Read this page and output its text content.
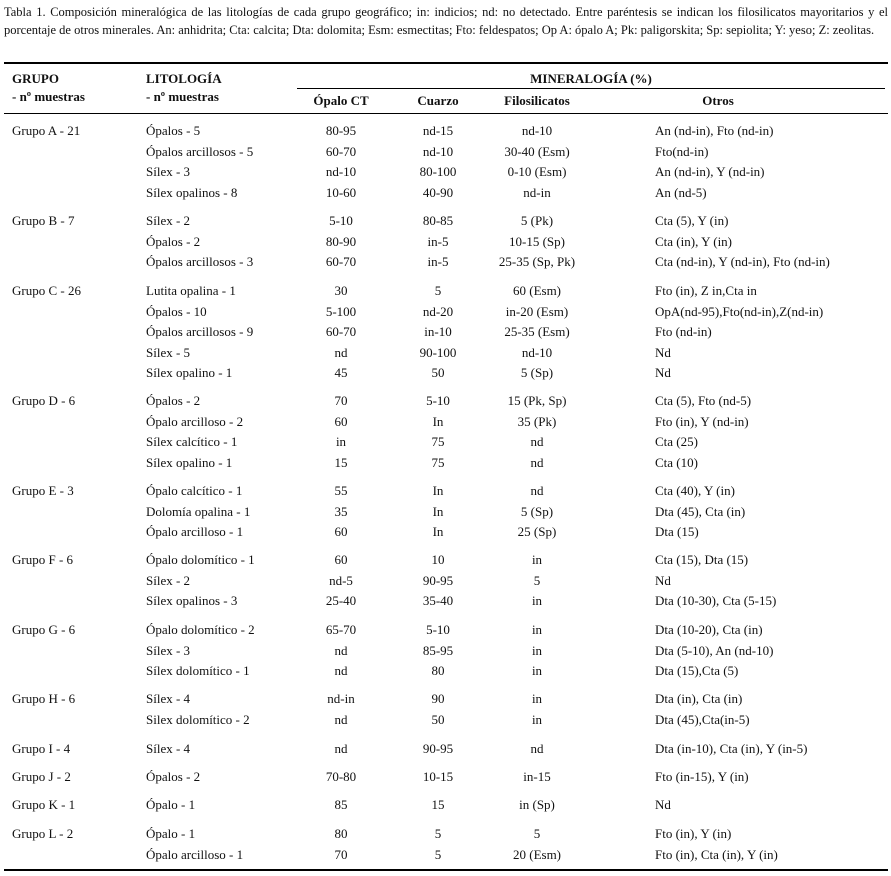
Tabla 1. Composición mineralógica de las litologías de cada grupo geográfico; in: indicios; nd: no detectado. Entre paréntesis se indican los filosilicatos mayoritarios y el porcentaje de otros minerales. An: anhidrita; Cta: calcita; Dta: dolomita; Esm: esmectitas; Fto: feldespatos; Op A: ópalo A; Pk: paligorskita; Sp: sepiolita; Y: yeso; Z: zeolitas.
GRUPO
- nº muestras
LITOLOGÍA
- nº muestras
MINERALOGÍA (%)
Ópalo CT	Cuarzo	Filosilicatos	Otros
Grupo A - 21	Ópalos - 5	80-95	nd-15	nd-10	An (nd-in), Fto (nd-in)
Ópalos arcillosos - 5	60-70	nd-10	30-40 (Esm)	Fto(nd-in)
Sílex - 3	nd-10	80-100	0-10 (Esm)	An (nd-in), Y (nd-in)
Sílex opalinos - 8	10-60	40-90	nd-in	An (nd-5)
Grupo B - 7	Sílex - 2	5-10	80-85	5 (Pk)	Cta (5), Y (in)
Ópalos - 2	80-90	in-5	10-15 (Sp)	Cta (in), Y (in)
Ópalos arcillosos - 3	60-70	in-5	25-35 (Sp, Pk)	Cta (nd-in), Y (nd-in), Fto (nd-in)
Grupo C - 26	Lutita opalina - 1	30	5	60 (Esm)	Fto (in), Z in,Cta in
Ópalos - 10	5-100	nd-20	in-20 (Esm)	OpA(nd-95),Fto(nd-in),Z(nd-in)
Ópalos arcillosos - 9	60-70	in-10	25-35 (Esm)	Fto (nd-in)
Sílex - 5	nd	90-100	nd-10	Nd
Sílex opalino - 1	45	50	5 (Sp)	Nd
Grupo D - 6	Ópalos - 2	70	5-10	15 (Pk, Sp)	Cta (5), Fto (nd-5)
Ópalo arcilloso - 2	60	In	35 (Pk)	Fto (in), Y (nd-in)
Sílex calcítico - 1	in	75	nd	Cta (25)
Sílex opalino - 1	15	75	nd	Cta (10)
Grupo E - 3	Ópalo calcítico - 1	55	In	nd	Cta (40), Y (in)
Dolomía opalina - 1	35	In	5 (Sp)	Dta (45), Cta (in)
Ópalo arcilloso - 1	60	In	25 (Sp)	Dta (15)
Grupo F - 6	Ópalo dolomítico - 1	60	10	in	Cta (15), Dta (15)
Sílex - 2	nd-5	90-95	5	Nd
Sílex opalinos - 3	25-40	35-40	in	Dta (10-30), Cta (5-15)
Grupo G - 6	Ópalo dolomítico - 2	65-70	5-10	in	Dta (10-20), Cta (in)
Sílex - 3	nd	85-95	in	Dta (5-10), An (nd-10)
Sílex dolomítico - 1	nd	80	in	Dta (15),Cta (5)
Grupo H - 6	Sílex - 4	nd-in	90	in	Dta (in), Cta (in)
Silex dolomítico - 2	nd	50	in	Dta (45),Cta(in-5)
Grupo I - 4	Sílex - 4	nd	90-95	nd	Dta (in-10), Cta (in), Y (in-5)
Grupo J - 2	Ópalos - 2	70-80	10-15	in-15	Fto (in-15), Y (in)
Grupo K - 1	Ópalo - 1	85	15	in (Sp)	Nd
Grupo L - 2	Ópalo - 1	80	5	5	Fto (in), Y (in)
Ópalo arcilloso - 1	70	5	20 (Esm)	Fto (in), Cta (in), Y (in)
